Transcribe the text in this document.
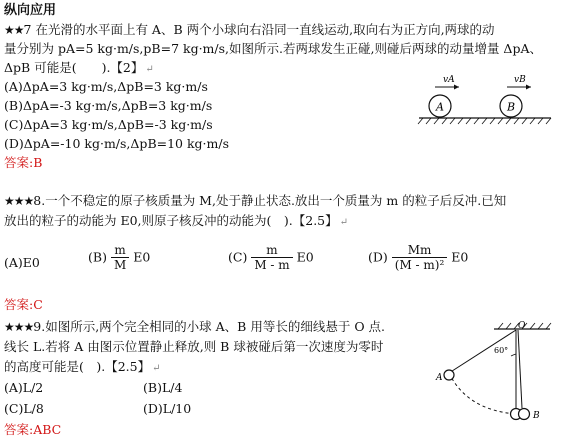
纵向应用
★★7 在光滑的水平面上有 A、B 两个小球向右沿同一直线运动,取向右为正方向,两球的动
量分别为 pA=5 kg·m/s,pB=7 kg·m/s,如图所示.若两球发生正碰,则碰后两球的动量增量 ΔpA、
ΔpB 可能是(　　).【2】 ↵
(A)ΔpA=3 kg·m/s,ΔpB=3 kg·m/s
(B)ΔpA=-3 kg·m/s,ΔpB=3 kg·m/s
(C)ΔpA=3 kg·m/s,ΔpB=-3 kg·m/s
(D)ΔpA=-10 kg·m/s,ΔpB=10 kg·m/s
答案:B
A	B
vA	vB
★★★8.一个不稳定的原子核质量为 M,处于静止状态.放出一个质量为 m 的粒子后反冲.已知
放出的粒子的动能为 E0,则原子核反冲的动能为(　).【2.5】 ↵
(A)E0	$(B) \frac{m}{M} E0$	$(C) \frac{m}{M - m} E0$	$(D) \frac{Mm}{\text{(M - m)²}} E0$
答案:C
★★★9.如图所示,两个完全相同的小球 A、B 用等长的细线悬于 O 点.
线长 L.若将 A 由图示位置静止释放,则 B 球被碰后第一次速度为零时
的高度可能是(　).【2.5】 ↵
(A)L/2	(B)L/4
(C)L/8	(D)L/10
答案:ABC
O
60°
A
B
